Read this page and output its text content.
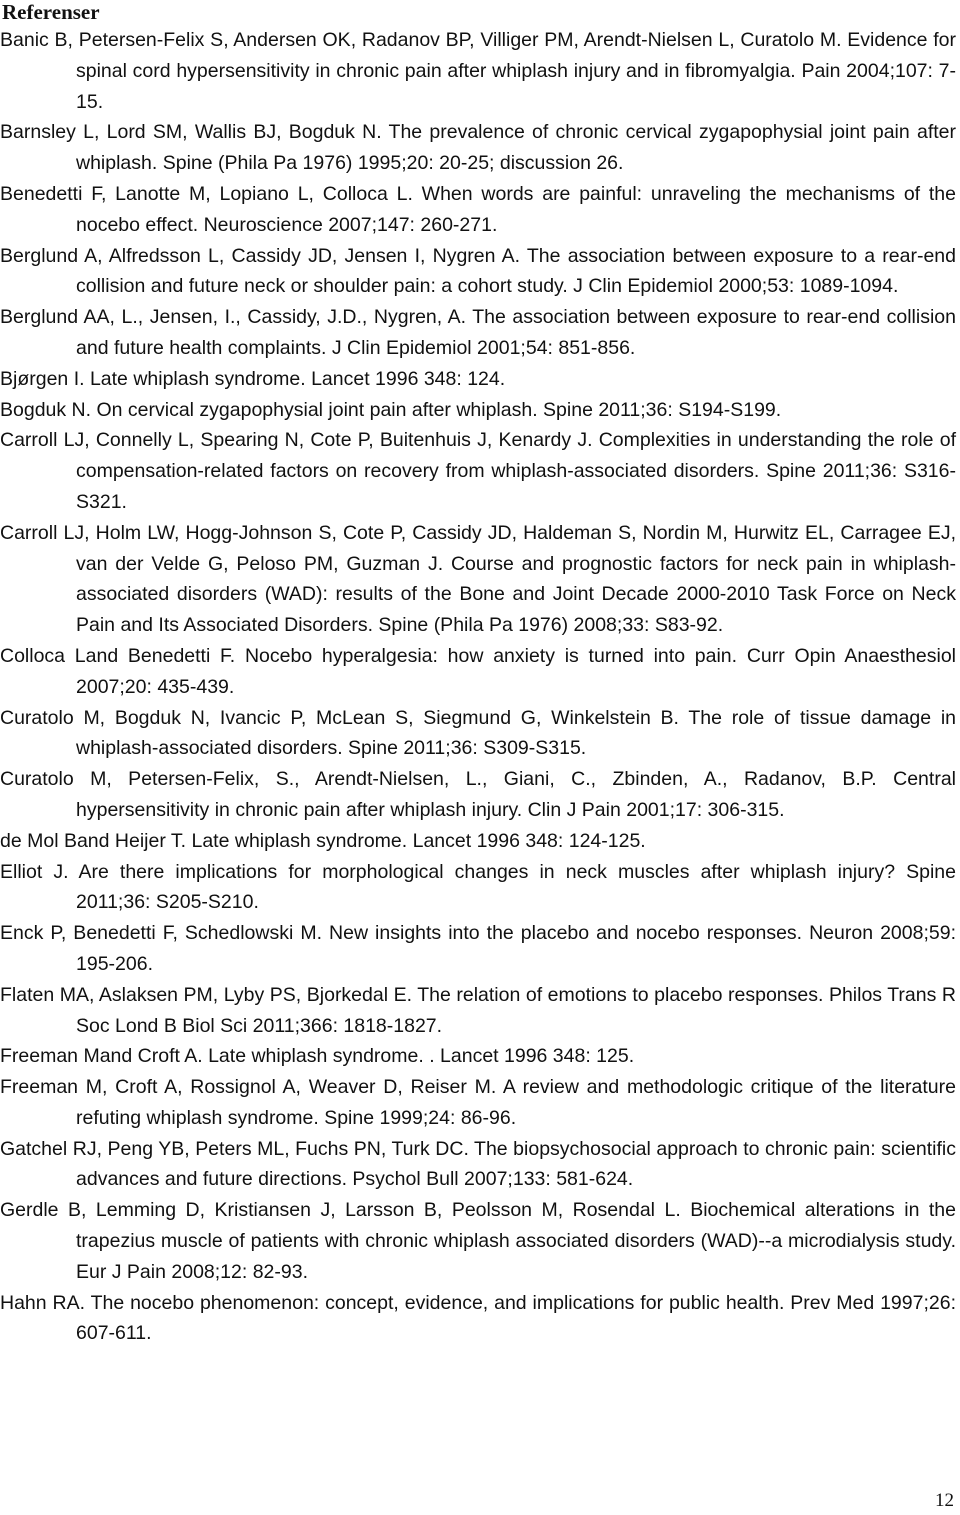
Referenser
Banic B, Petersen-Felix S, Andersen OK, Radanov BP, Villiger PM, Arendt-Nielsen L, Curatolo M. Evidence for spinal cord hypersensitivity in chronic pain after whiplash injury and in fibromyalgia. Pain 2004;107: 7-15.
Barnsley L, Lord SM, Wallis BJ, Bogduk N. The prevalence of chronic cervical zygapophysial joint pain after whiplash. Spine (Phila Pa 1976) 1995;20: 20-25; discussion 26.
Benedetti F, Lanotte M, Lopiano L, Colloca L. When words are painful: unraveling the mechanisms of the nocebo effect. Neuroscience 2007;147: 260-271.
Berglund A, Alfredsson L, Cassidy JD, Jensen I, Nygren A. The association between exposure to a rear-end collision and future neck or shoulder pain: a cohort study. J Clin Epidemiol 2000;53: 1089-1094.
Berglund AA, L., Jensen, I., Cassidy, J.D., Nygren, A. The association between exposure to rear-end collision and future health complaints. J Clin Epidemiol 2001;54: 851-856.
Bjørgen I. Late whiplash syndrome. Lancet 1996 348: 124.
Bogduk N. On cervical zygapophysial joint pain after whiplash. Spine 2011;36: S194-S199.
Carroll LJ, Connelly L, Spearing N, Cote P, Buitenhuis J, Kenardy J. Complexities in understanding the role of compensation-related factors on recovery from whiplash-associated disorders. Spine 2011;36: S316-S321.
Carroll LJ, Holm LW, Hogg-Johnson S, Cote P, Cassidy JD, Haldeman S, Nordin M, Hurwitz EL, Carragee EJ, van der Velde G, Peloso PM, Guzman J. Course and prognostic factors for neck pain in whiplash-associated disorders (WAD): results of the Bone and Joint Decade 2000-2010 Task Force on Neck Pain and Its Associated Disorders. Spine (Phila Pa 1976) 2008;33: S83-92.
Colloca Land Benedetti F. Nocebo hyperalgesia: how anxiety is turned into pain. Curr Opin Anaesthesiol 2007;20: 435-439.
Curatolo M, Bogduk N, Ivancic P, McLean S, Siegmund G, Winkelstein B. The role of tissue damage in whiplash-associated disorders. Spine 2011;36: S309-S315.
Curatolo M, Petersen-Felix, S., Arendt-Nielsen, L., Giani, C., Zbinden, A., Radanov, B.P. Central hypersensitivity in chronic pain after whiplash injury. Clin J Pain 2001;17: 306-315.
de Mol Band Heijer T. Late whiplash syndrome. Lancet 1996 348: 124-125.
Elliot J. Are there implications for morphological changes in neck muscles after whiplash injury? Spine 2011;36: S205-S210.
Enck P, Benedetti F, Schedlowski M. New insights into the placebo and nocebo responses. Neuron 2008;59: 195-206.
Flaten MA, Aslaksen PM, Lyby PS, Bjorkedal E. The relation of emotions to placebo responses. Philos Trans R Soc Lond B Biol Sci 2011;366: 1818-1827.
Freeman Mand Croft A. Late whiplash syndrome. . Lancet 1996 348: 125.
Freeman M, Croft A, Rossignol A, Weaver D, Reiser M. A review and methodologic critique of the literature refuting whiplash syndrome. Spine 1999;24: 86-96.
Gatchel RJ, Peng YB, Peters ML, Fuchs PN, Turk DC. The biopsychosocial approach to chronic pain: scientific advances and future directions. Psychol Bull 2007;133: 581-624.
Gerdle B, Lemming D, Kristiansen J, Larsson B, Peolsson M, Rosendal L. Biochemical alterations in the trapezius muscle of patients with chronic whiplash associated disorders (WAD)--a microdialysis study. Eur J Pain 2008;12: 82-93.
Hahn RA. The nocebo phenomenon: concept, evidence, and implications for public health. Prev Med 1997;26: 607-611.
12
